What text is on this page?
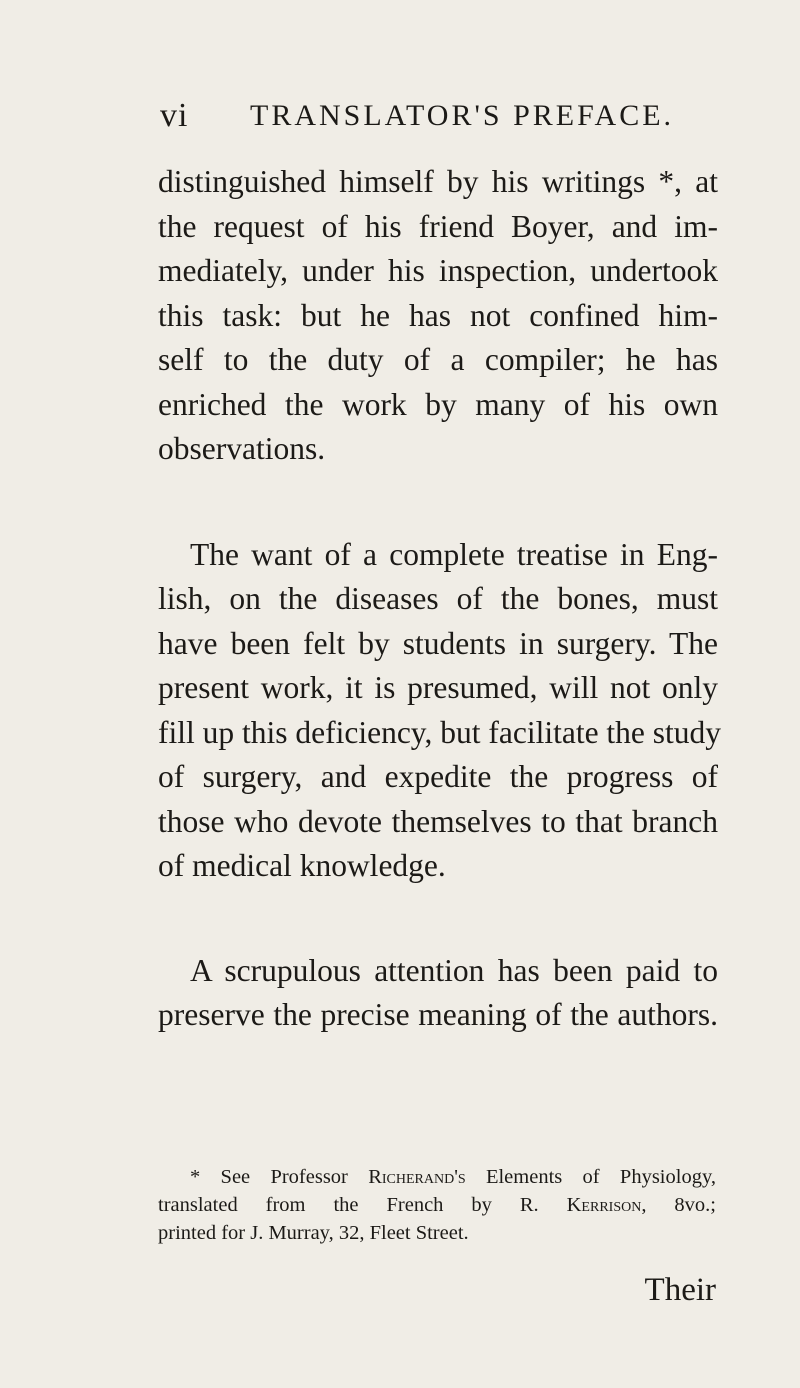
vi TRANSLATOR'S PREFACE.
distinguished himself by his writings *, at
the request of his friend Boyer, and im-
mediately, under his inspection, undertook
this task: but he has not confined him-
self to the duty of a compiler; he has
enriched the work by many of his own
observations.
The want of a complete treatise in Eng-
lish, on the diseases of the bones, must
have been felt by students in surgery. The
present work, it is presumed, will not only
fill up this deficiency, but facilitate the study
of surgery, and expedite the progress of
those who devote themselves to that branch
of medical knowledge.
A scrupulous attention has been paid to
preserve the precise meaning of the authors.
* See Professor Richerand's Elements of Physiology,
translated from the French by R. Kerrison, 8vo.;
printed for J. Murray, 32, Fleet Street.
Their
